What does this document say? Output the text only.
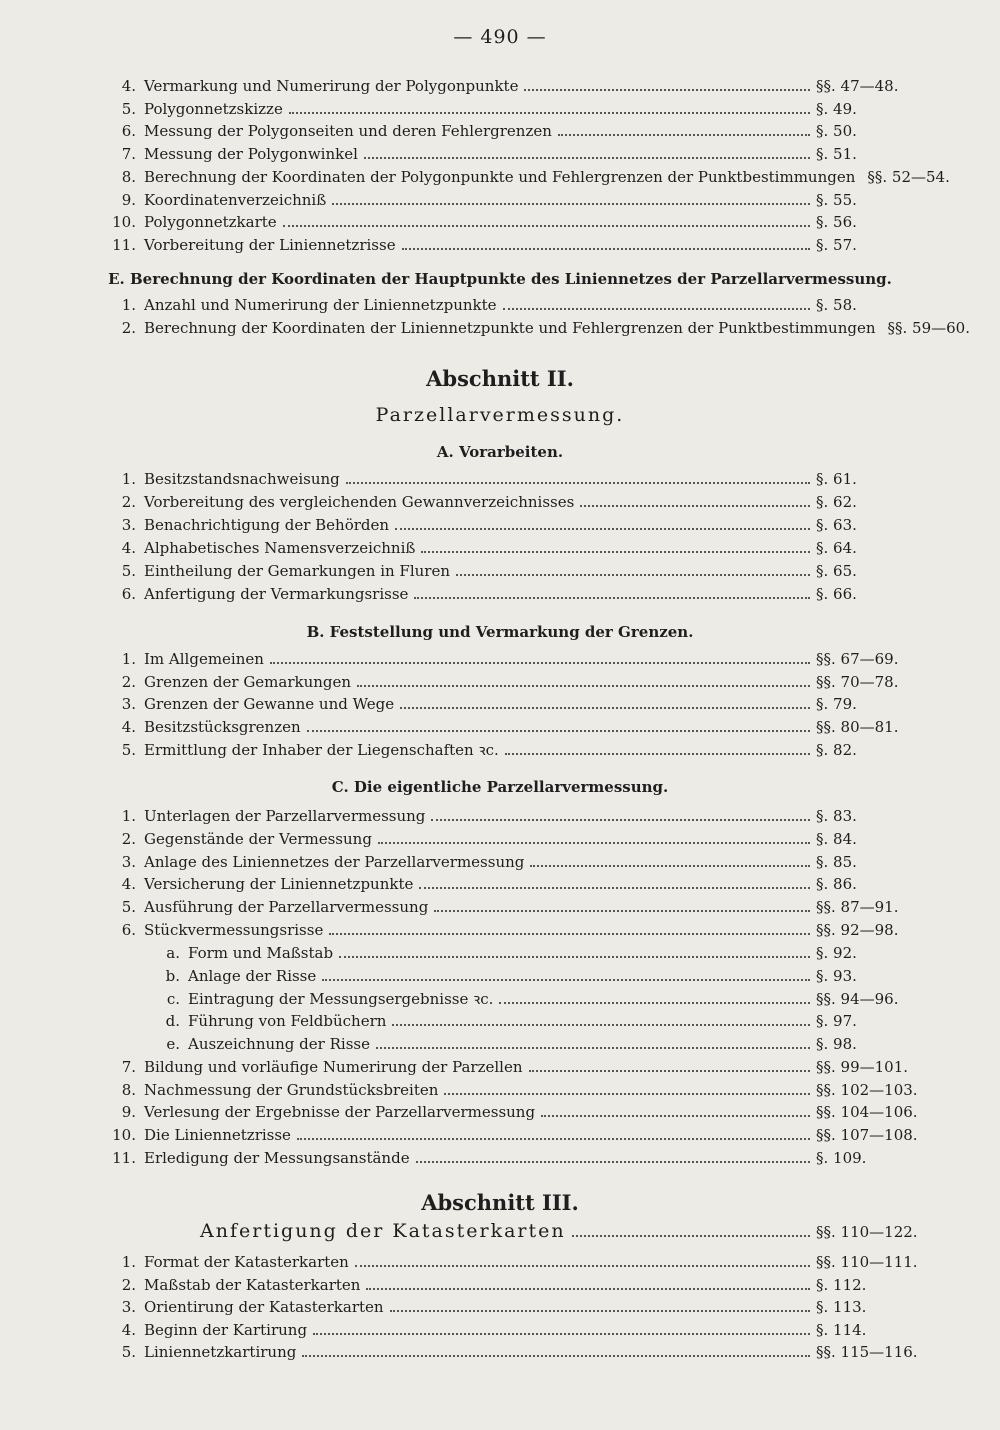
— 490 —
4. Vermarkung und Numerirung der Polygonpunkte	§§. 47—48.
5. Polygonnetzskizze	§. 49.
6. Messung der Polygonseiten und deren Fehlergrenzen	§. 50.
7. Messung der Polygonwinkel	§. 51.
8. Berechnung der Koordinaten der Polygonpunkte und Fehlergrenzen der Punktbestimmungen §§. 52—54.
9. Koordinatenverzeichniß	§. 55.
10. Polygonnetzkarte	§. 56.
11. Vorbereitung der Liniennetzrisse	§. 57.
E. Berechnung der Koordinaten der Hauptpunkte des Liniennetzes der Parzellarvermessung.
1. Anzahl und Numerirung der Liniennetzpunkte	§. 58.
2. Berechnung der Koordinaten der Liniennetzpunkte und Fehlergrenzen der Punktbestimmungen §§. 59—60.
Abschnitt II.
Parzellarvermessung.
A. Vorarbeiten.
1. Besitzstandsnachweisung	§. 61.
2. Vorbereitung des vergleichenden Gewannverzeichnisses	§. 62.
3. Benachrichtigung der Behörden	§. 63.
4. Alphabetisches Namensverzeichniß	§. 64.
5. Eintheilung der Gemarkungen in Fluren	§. 65.
6. Anfertigung der Vermarkungsrisse	§. 66.
B. Feststellung und Vermarkung der Grenzen.
1. Im Allgemeinen	§§. 67—69.
2. Grenzen der Gemarkungen	§§. 70—78.
3. Grenzen der Gewanne und Wege	§. 79.
4. Besitzstücksgrenzen	§§. 80—81.
5. Ermittlung der Inhaber der Liegenschaften ꝛc.	§. 82.
C. Die eigentliche Parzellarvermessung.
1. Unterlagen der Parzellarvermessung	§. 83.
2. Gegenstände der Vermessung	§. 84.
3. Anlage des Liniennetzes der Parzellarvermessung	§. 85.
4. Versicherung der Liniennetzpunkte	§. 86.
5. Ausführung der Parzellarvermessung	§§. 87—91.
6. Stückvermessungsrisse	§§. 92—98.
a. Form und Maßstab	§. 92.
b. Anlage der Risse	§. 93.
c. Eintragung der Messungsergebnisse ꝛc.	§§. 94—96.
d. Führung von Feldbüchern	§. 97.
e. Auszeichnung der Risse	§. 98.
7. Bildung und vorläufige Numerirung der Parzellen	§§. 99—101.
8. Nachmessung der Grundstücksbreiten	§§. 102—103.
9. Verlesung der Ergebnisse der Parzellarvermessung	§§. 104—106.
10. Die Liniennetzrisse	§§. 107—108.
11. Erledigung der Messungsanstände	§. 109.
Abschnitt III.
Anfertigung der Katasterkarten	§§. 110—122.
1. Format der Katasterkarten	§§. 110—111.
2. Maßstab der Katasterkarten	§. 112.
3. Orientirung der Katasterkarten	§. 113.
4. Beginn der Kartirung	§. 114.
5. Liniennetzkartirung	§§. 115—116.
